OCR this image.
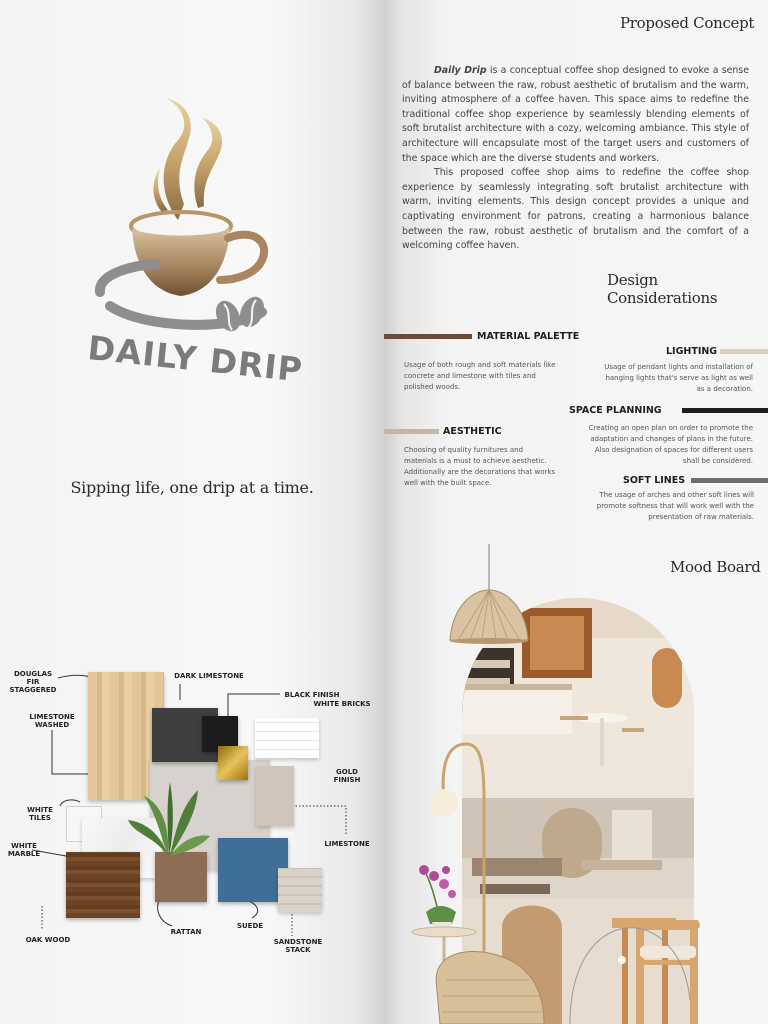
DAILY DRIP
Sipping life, one drip at a time.
DOUGLAS FIR STAGGERED
DARK LIMESTONE
BLACK FINISH
WHITE BRICKS
LIMESTONE WASHED
GOLD FINISH
WHITE TILES
LIMESTONE
WHITE MARBLE
OAK WOOD
RATTAN
SUEDE
SANDSTONE STACK
Proposed Concept

Daily Drip is a conceptual coffee shop designed to evoke a sense of balance between the raw, robust aesthetic of brutalism and the warm, inviting atmosphere of a coffee haven. This space aims to redefine the traditional coffee shop experience by seamlessly blending elements of soft brutalist architecture with a cozy, welcoming ambiance. This style of architecture will encapsulate most of the target users and customers of the space which are the diverse students and workers.

This proposed coffee shop aims to redefine the coffee shop experience by seamlessly integrating soft brutalist architecture with warm, inviting elements. This design concept provides a unique and captivating environment for patrons, creating a harmonious balance between the raw, robust aesthetic of brutalism and the comfort of a welcoming coffee haven.

Design Considerations
MATERIAL PALETTE
Usage of both rough and soft materials like concrete and limestone with tiles and polished woods.
LIGHTING
Usage of pendant lights and installation of hanging lights that's serve as light as well as a decoration.
SPACE PLANNING
Creating an open plan on order to promote the adaptation and changes of plans in the future. Also designation of spaces for different users shall be considered.
AESTHETIC
Choosing of quality furnitures and materials is a must to achieve aesthetic. Additionally are the decorations that works well with the built space.	SOFT LINES
The usage of arches and other soft lines will promote softness that will work well with the presentation of raw materials.
Mood Board
